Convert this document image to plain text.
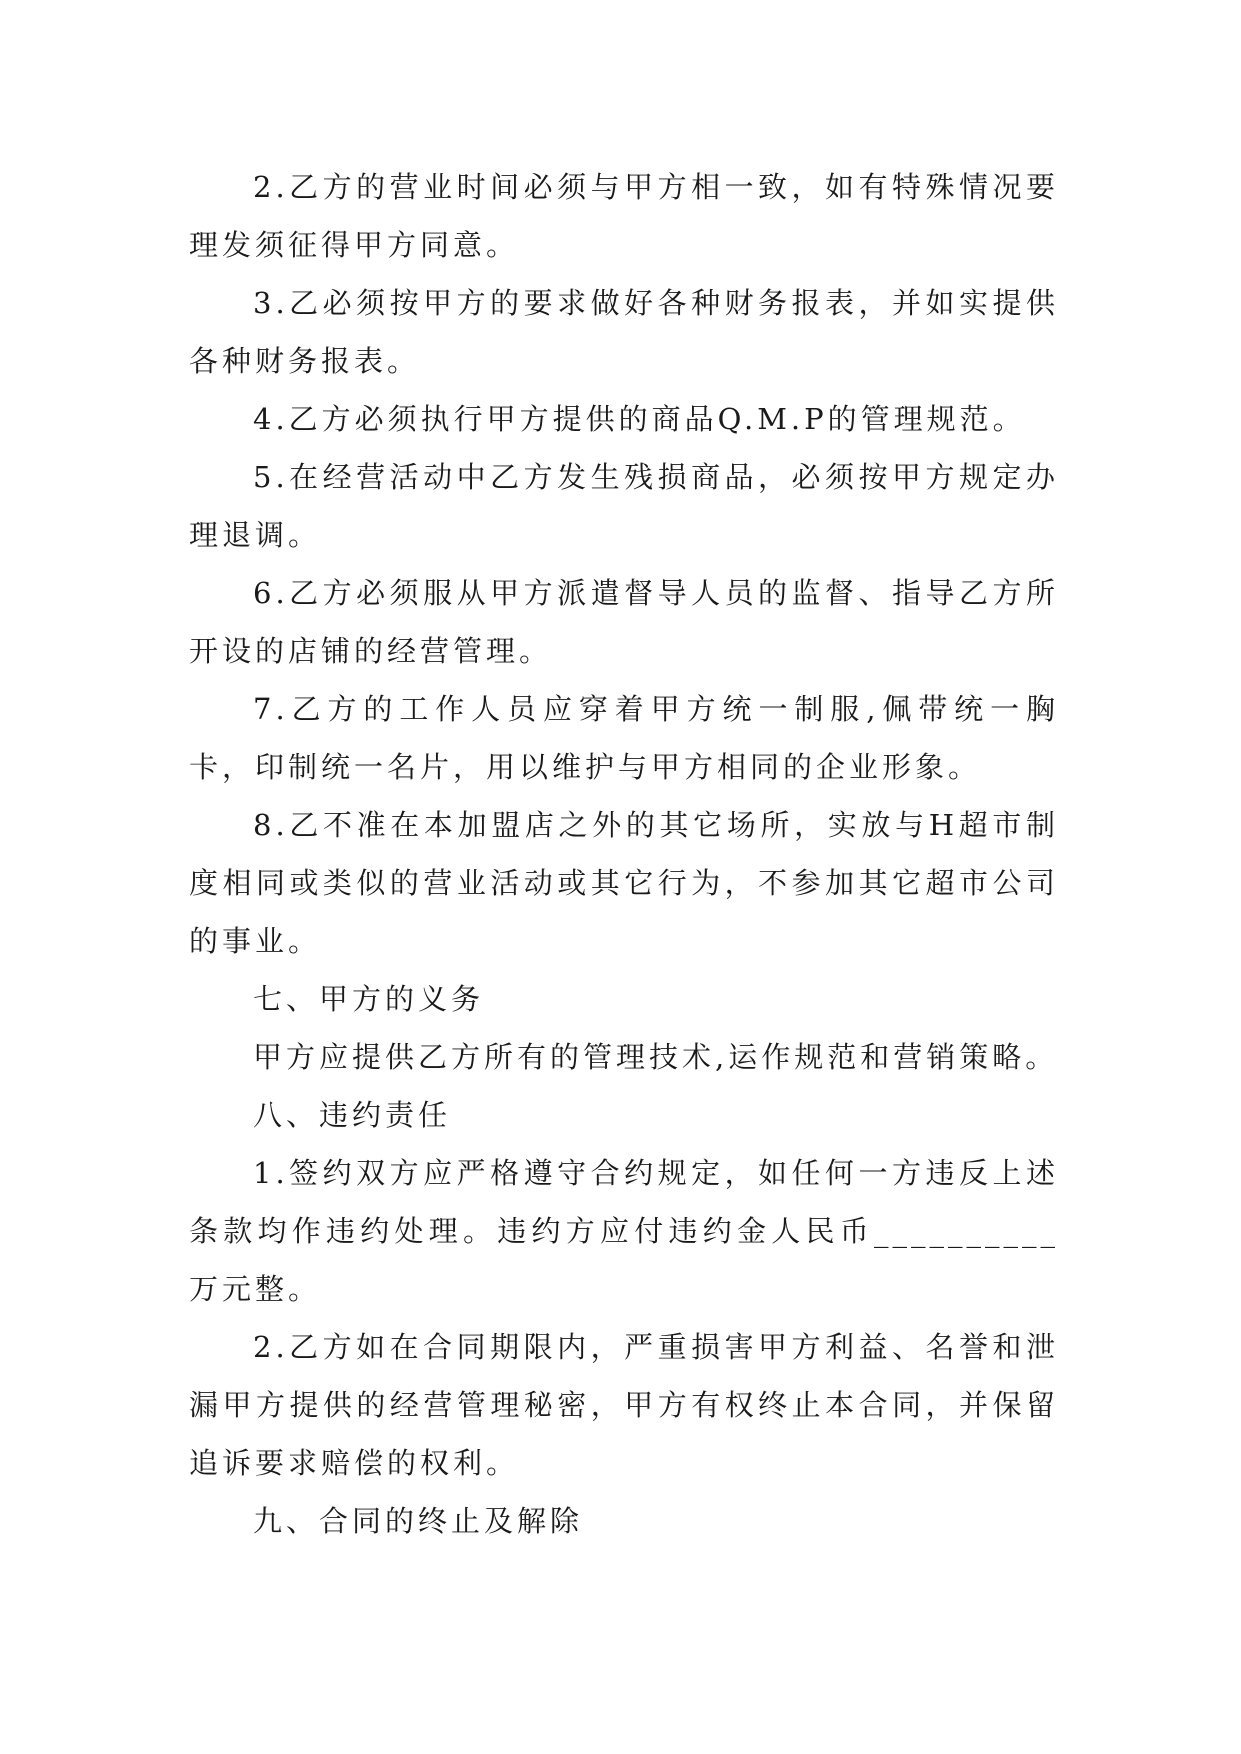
2.乙方的营业时间必须与甲方相一致，如有特殊情况要理发须征得甲方同意。

3.乙必须按甲方的要求做好各种财务报表，并如实提供各种财务报表。

4.乙方必须执行甲方提供的商品Q.M.P的管理规范。

5.在经营活动中乙方发生残损商品，必须按甲方规定办理退调。

6.乙方必须服从甲方派遣督导人员的监督、指导乙方所开设的店铺的经营管理。

7.乙方的工作人员应穿着甲方统一制服,佩带统一胸卡，印制统一名片，用以维护与甲方相同的企业形象。

8.乙不准在本加盟店之外的其它场所，实放与H超市制度相同或类似的营业活动或其它行为，不参加其它超市公司的事业。

七、甲方的义务

甲方应提供乙方所有的管理技术,运作规范和营销策略。

八、违约责任

1.签约双方应严格遵守合约规定，如任何一方违反上述条款均作违约处理。违约方应付违约金人民币__________万元整。

2.乙方如在合同期限内，严重损害甲方利益、名誉和泄漏甲方提供的经营管理秘密，甲方有权终止本合同，并保留追诉要求赔偿的权利。

九、合同的终止及解除
